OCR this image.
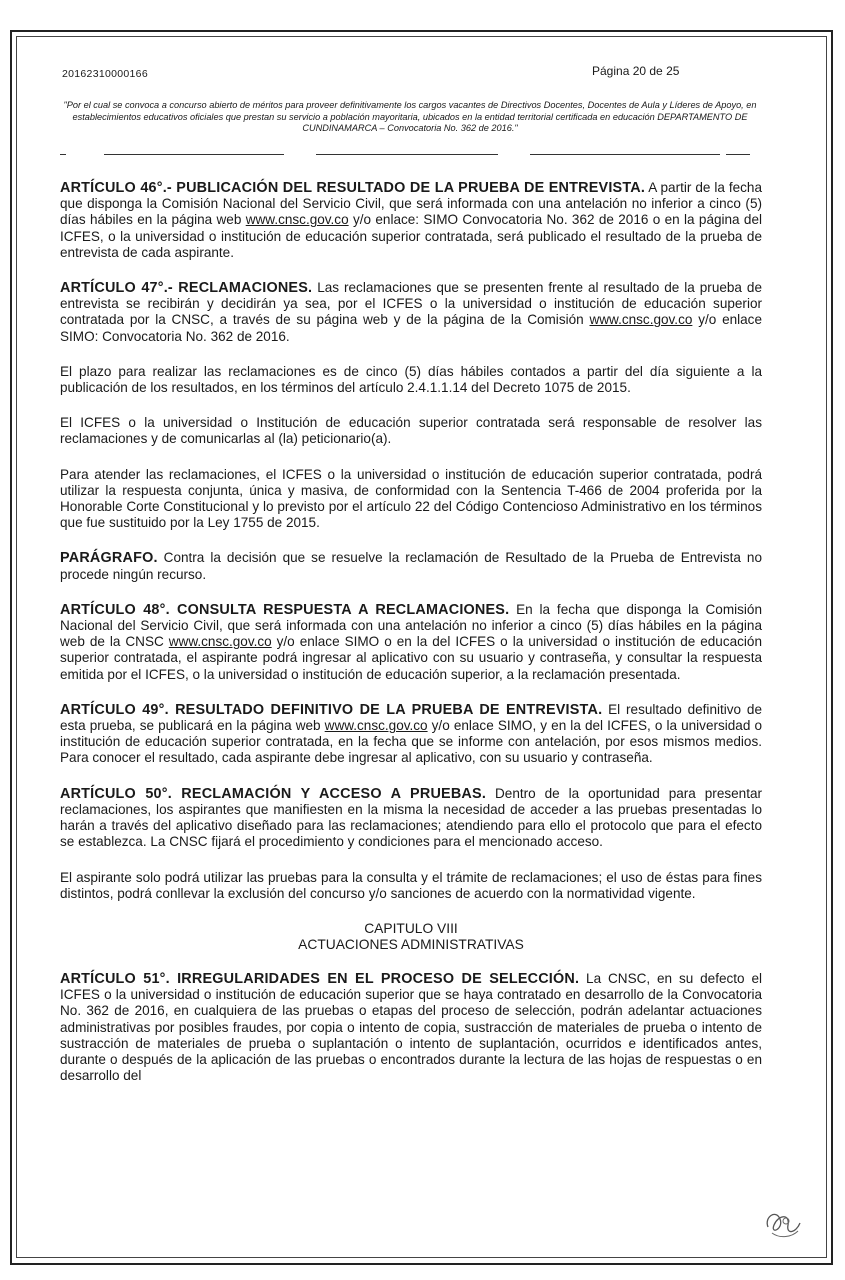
20162310000166	Página 20 de 25
"Por el cual se convoca a concurso abierto de méritos para proveer definitivamente los cargos vacantes de Directivos Docentes, Docentes de Aula y Líderes de Apoyo, en establecimientos educativos oficiales que prestan su servicio a población mayoritaria, ubicados en la entidad territorial certificada en educación DEPARTAMENTO DE CUNDINAMARCA – Convocatoria No. 362 de 2016."

ARTÍCULO 46°.- PUBLICACIÓN DEL RESULTADO DE LA PRUEBA DE ENTREVISTA. A partir de la fecha que disponga la Comisión Nacional del Servicio Civil, que será informada con una antelación no inferior a cinco (5) días hábiles en la página web www.cnsc.gov.co y/o enlace: SIMO Convocatoria No. 362 de 2016 o en la página del ICFES, o la universidad o institución de educación superior contratada, será publicado el resultado de la prueba de entrevista de cada aspirante.

ARTÍCULO 47°.- RECLAMACIONES. Las reclamaciones que se presenten frente al resultado de la prueba de entrevista se recibirán y decidirán ya sea, por el ICFES o la universidad o institución de educación superior contratada por la CNSC, a través de su página web y de la página de la Comisión www.cnsc.gov.co y/o enlace SIMO: Convocatoria No. 362 de 2016.

El plazo para realizar las reclamaciones es de cinco (5) días hábiles contados a partir del día siguiente a la publicación de los resultados, en los términos del artículo 2.4.1.1.14 del Decreto 1075 de 2015.

El ICFES o la universidad o Institución de educación superior contratada será responsable de resolver las reclamaciones y de comunicarlas al (la) peticionario(a).

Para atender las reclamaciones, el ICFES o la universidad o institución de educación superior contratada, podrá utilizar la respuesta conjunta, única y masiva, de conformidad con la Sentencia T-466 de 2004 proferida por la Honorable Corte Constitucional y lo previsto por el artículo 22 del Código Contencioso Administrativo en los términos que fue sustituido por la Ley 1755 de 2015.

PARÁGRAFO. Contra la decisión que se resuelve la reclamación de Resultado de la Prueba de Entrevista no procede ningún recurso.

ARTÍCULO 48°. CONSULTA RESPUESTA A RECLAMACIONES. En la fecha que disponga la Comisión Nacional del Servicio Civil, que será informada con una antelación no inferior a cinco (5) días hábiles en la página web de la CNSC www.cnsc.gov.co y/o enlace SIMO o en la del ICFES o la universidad o institución de educación superior contratada, el aspirante podrá ingresar al aplicativo con su usuario y contraseña, y consultar la respuesta emitida por el ICFES, o la universidad o institución de educación superior, a la reclamación presentada.

ARTÍCULO 49°. RESULTADO DEFINITIVO DE LA PRUEBA DE ENTREVISTA. El resultado definitivo de esta prueba, se publicará en la página web www.cnsc.gov.co y/o enlace SIMO, y en la del ICFES, o la universidad o institución de educación superior contratada, en la fecha que se informe con antelación, por esos mismos medios. Para conocer el resultado, cada aspirante debe ingresar al aplicativo, con su usuario y contraseña.

ARTÍCULO 50°. RECLAMACIÓN Y ACCESO A PRUEBAS. Dentro de la oportunidad para presentar reclamaciones, los aspirantes que manifiesten en la misma la necesidad de acceder a las pruebas presentadas lo harán a través del aplicativo diseñado para las reclamaciones; atendiendo para ello el protocolo que para el efecto se establezca. La CNSC fijará el procedimiento y condiciones para el mencionado acceso.

El aspirante solo podrá utilizar las pruebas para la consulta y el trámite de reclamaciones; el uso de éstas para fines distintos, podrá conllevar la exclusión del concurso y/o sanciones de acuerdo con la normatividad vigente.

CAPITULO VIII
ACTUACIONES ADMINISTRATIVAS

ARTÍCULO 51°. IRREGULARIDADES EN EL PROCESO DE SELECCIÓN. La CNSC, en su defecto el ICFES o la universidad o institución de educación superior que se haya contratado en desarrollo de la Convocatoria No. 362 de 2016, en cualquiera de las pruebas o etapas del proceso de selección, podrán adelantar actuaciones administrativas por posibles fraudes, por copia o intento de copia, sustracción de materiales de prueba o intento de sustracción de materiales de prueba o suplantación o intento de suplantación, ocurridos e identificados antes, durante o después de la aplicación de las pruebas o encontrados durante la lectura de las hojas de respuestas o en desarrollo del
